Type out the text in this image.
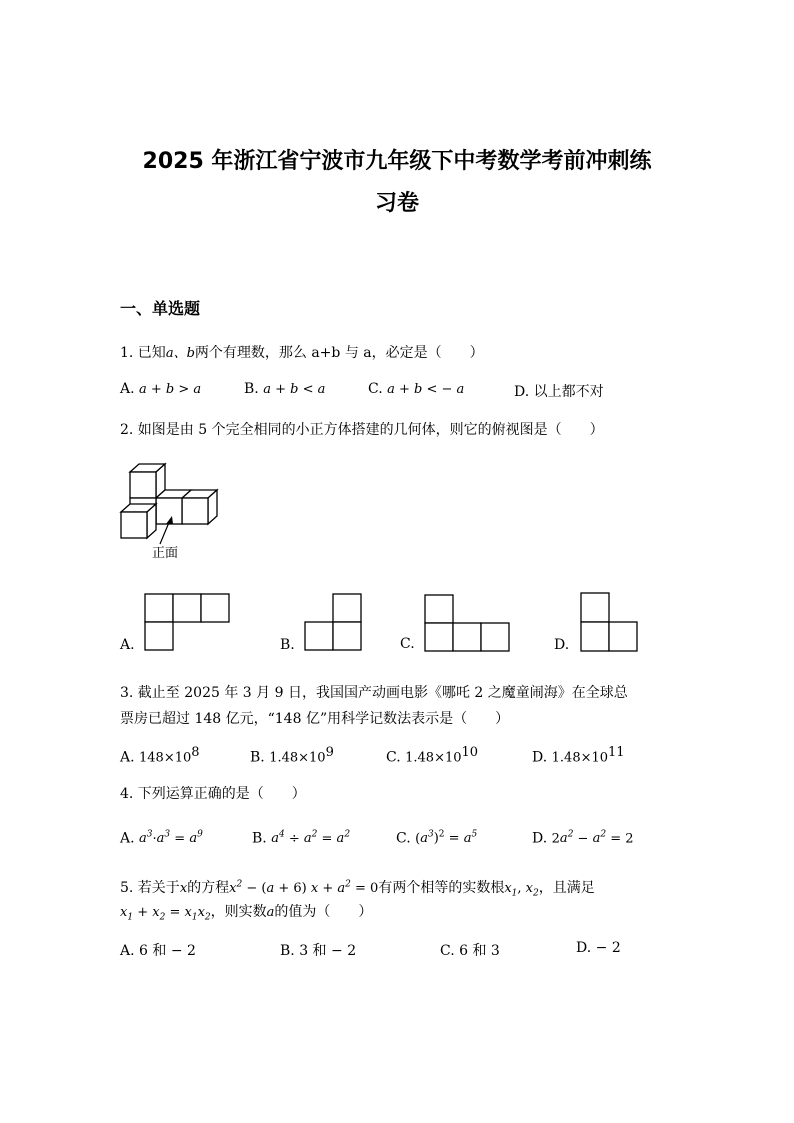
2025 年浙江省宁波市九年级下中考数学考前冲刺练
习卷
一、单选题
1. 已知a、b两个有理数，那么 a+b 与 a，必定是（　　）
A. a + b > a	B. a + b < a	C. a + b < − a	D. 以上都不对
2. 如图是由 5 个完全相同的小正方体搭建的几何体，则它的俯视图是（　　）
正面
A.	B.	C.	D.
3. 截止至 2025 年 3 月 9 日，我国国产动画电影《哪吒 2 之魔童闹海》在全球总
票房已超过 148 亿元，“148 亿”用科学记数法表示是（　　）
A. $148\times 10^8$	B. $1.48\times 10^9$	C. $1.48\times 10^{10}$	D. $1.48\times 10^{11}$
4. 下列运算正确的是（　　）
A. $a^3\cdot a^3 = a^9$	B. $a^4 \div a^2 = a^2$	C. $(a^3)^2 = a^5$	D. $2a^2 - a^2 = 2$
5. 若关于x的方程$x^2 - (a + 6) x + a^2 = 0$有两个相等的实数根$x_1$, $x_2$，且满足
$x_1 + x_2 = x_1x_2$，则实数a的值为（　　）
A. 6 和 − 2	B. 3 和 − 2	C. 6 和 3	D. − 2
